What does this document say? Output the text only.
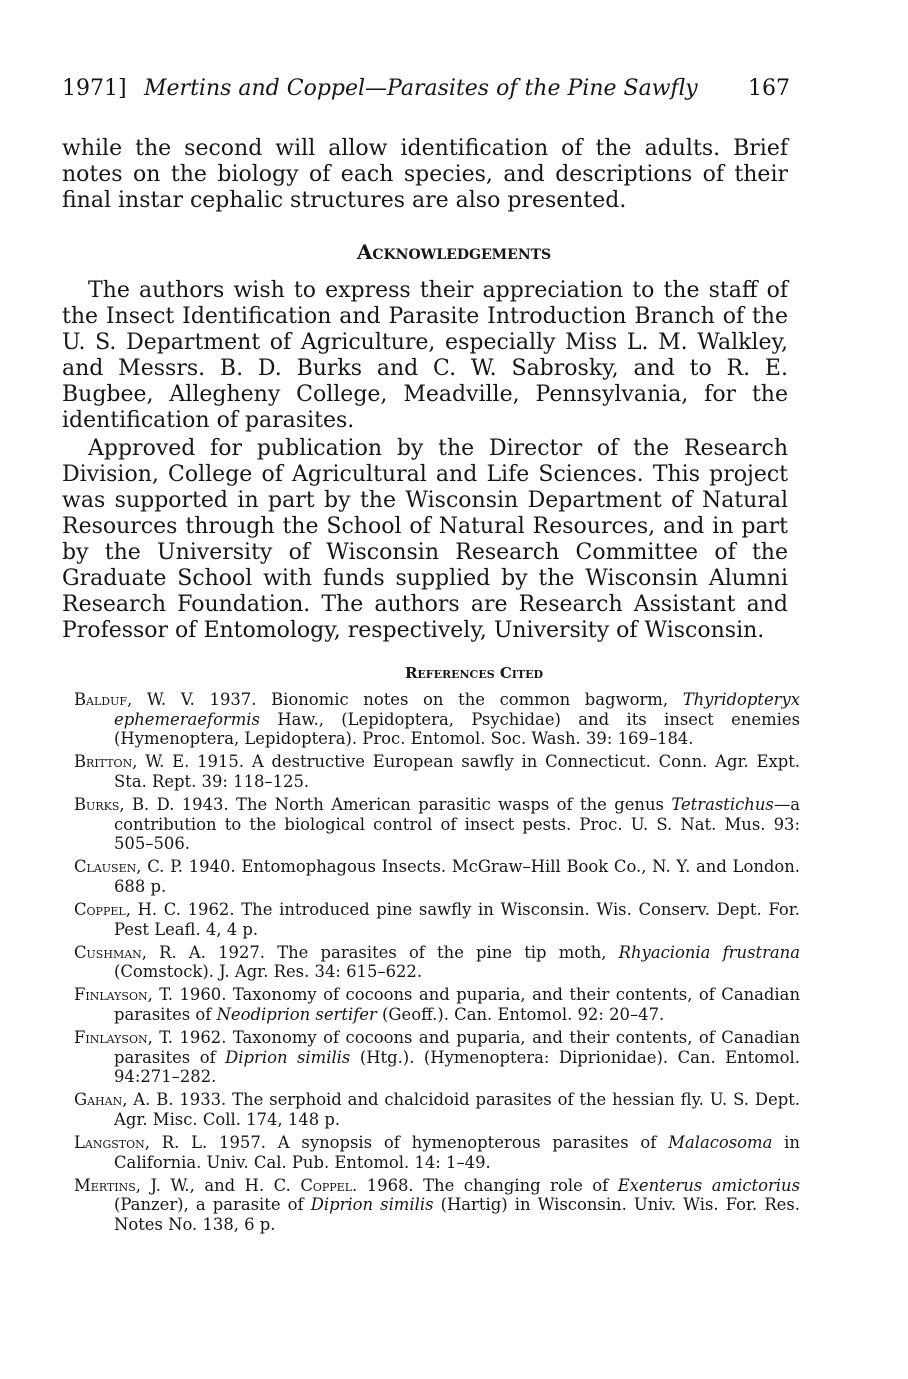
1971] Mertins and Coppel—Parasites of the Pine Sawfly 167

while the second will allow identification of the adults. Brief notes on the biology of each species, and descriptions of their final instar cephalic structures are also presented.

Acknowledgements

The authors wish to express their appreciation to the staff of the Insect Identification and Parasite Introduction Branch of the U. S. Department of Agriculture, especially Miss L. M. Walkley, and Messrs. B. D. Burks and C. W. Sabrosky, and to R. E. Bugbee, Allegheny College, Meadville, Pennsylvania, for the identification of parasites.

Approved for publication by the Director of the Research Division, College of Agricultural and Life Sciences. This project was supported in part by the Wisconsin Department of Natural Resources through the School of Natural Resources, and in part by the University of Wisconsin Research Committee of the Graduate School with funds supplied by the Wisconsin Alumni Research Foundation. The authors are Research Assistant and Professor of Entomology, respectively, University of Wisconsin.

References Cited
Balduf, W. V. 1937. Bionomic notes on the common bagworm, Thyridopteryx ephemeraeformis Haw., (Lepidoptera, Psychidae) and its insect enemies (Hymenoptera, Lepidoptera). Proc. Entomol. Soc. Wash. 39: 169–184.
Britton, W. E. 1915. A destructive European sawfly in Connecticut. Conn. Agr. Expt. Sta. Rept. 39: 118–125.
Burks, B. D. 1943. The North American parasitic wasps of the genus Tetrastichus—a contribution to the biological control of insect pests. Proc. U. S. Nat. Mus. 93: 505–506.
Clausen, C. P. 1940. Entomophagous Insects. McGraw–Hill Book Co., N. Y. and London. 688 p.
Coppel, H. C. 1962. The introduced pine sawfly in Wisconsin. Wis. Conserv. Dept. For. Pest Leafl. 4, 4 p.
Cushman, R. A. 1927. The parasites of the pine tip moth, Rhyacionia frustrana (Comstock). J. Agr. Res. 34: 615–622.
Finlayson, T. 1960. Taxonomy of cocoons and puparia, and their contents, of Canadian parasites of Neodiprion sertifer (Geoff.). Can. Entomol. 92: 20–47.
Finlayson, T. 1962. Taxonomy of cocoons and puparia, and their contents, of Canadian parasites of Diprion similis (Htg.). (Hymenoptera: Diprionidae). Can. Entomol. 94:271–282.
Gahan, A. B. 1933. The serphoid and chalcidoid parasites of the hessian fly. U. S. Dept. Agr. Misc. Coll. 174, 148 p.
Langston, R. L. 1957. A synopsis of hymenopterous parasites of Malacosoma in California. Univ. Cal. Pub. Entomol. 14: 1–49.
Mertins, J. W., and H. C. Coppel. 1968. The changing role of Exenterus amictorius (Panzer), a parasite of Diprion similis (Hartig) in Wisconsin. Univ. Wis. For. Res. Notes No. 138, 6 p.
